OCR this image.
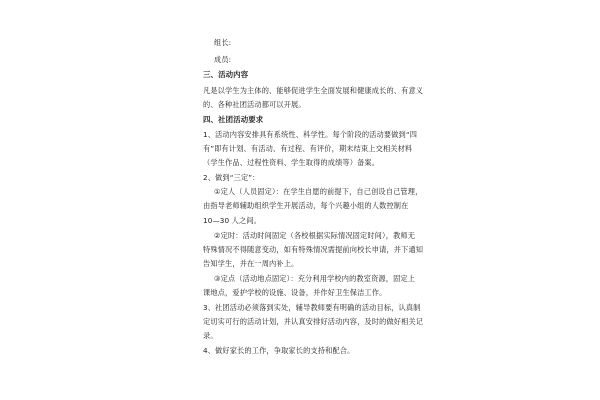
组长:
成员:
三、活动内容
凡是以学生为主体的、能够促进学生全面发展和健康成长的、有意义
的、各种社团活动都可以开展。
四、社团活动要求
1、活动内容安排具有系统性、科学性。每个阶段的活动要做到“四
有”即有计划、有活动、有过程、有评价，期末结束上交相关材料
（学生作品、过程性资料、学生取得的成绩等）备案。
2、做到“三定”：
①定人（人员固定）：在学生自愿的前提下，自己创设自己管理，
由指导老师辅助组织学生开展活动，每个兴趣小组的人数控制在
10—30 人之间。
②定时：活动时间固定（各校根据实际情况固定时间），教师无
特殊情况不得随意变动，如有特殊情况需提前向校长申请，并下通知
告知学生，并在一周内补上。
③定点（活动地点固定）：充分利用学校内的教室资源，固定上
课地点，爱护学校的设施、设备，并作好卫生保洁工作。
3、社团活动必须落到实处，辅导教师要有明确的活动目标，认真制
定切实可行的活动计划，并认真安排好活动内容，及时的做好相关记
录。
4、做好家长的工作，争取家长的支持和配合。
